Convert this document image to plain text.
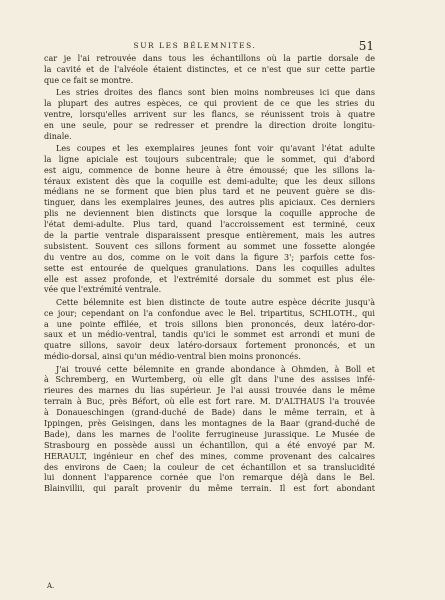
SUR LES BÉLEMNITES.	51
car je l'ai retrouvée dans tous les échantillons où la partie dorsale de
la cavité et de l'alvéole étaient distinctes, et ce n'est que sur cette partie
que ce fait se montre.
Les stries droites des flancs sont bien moins nombreuses ici que dans
la plupart des autres espèces, ce qui provient de ce que les stries du
ventre, lorsqu'elles arrivent sur les flancs, se réunissent trois à quatre
en une seule, pour se redresser et prendre la direction droite longitu-
dinale.
Les coupes et les exemplaires jeunes font voir qu'avant l'état adulte
la ligne apiciale est toujours subcentrale; que le sommet, qui d'abord
est aigu, commence de bonne heure à être émoussé; que les sillons la-
téraux existent dès que la coquille est demi-adulte; que les deux sillons
médians ne se forment que bien plus tard et ne peuvent guère se dis-
tinguer, dans les exemplaires jeunes, des autres plis apiciaux. Ces derniers
plis ne deviennent bien distincts que lorsque la coquille approche de
l'état demi-adulte. Plus tard, quand l'accroissement est terminé, ceux
de la partie ventrale disparaissent presque entièrement, mais les autres
subsistent. Souvent ces sillons forment au sommet une fossette alongée
du ventre au dos, comme on le voit dans la figure 3'; parfois cette fos-
sette est entourée de quelques granulations. Dans les coquilles adultes
elle est assez profonde, et l'extrémité dorsale du sommet est plus éle-
vée que l'extrémité ventrale.
Cette bélemnite est bien distincte de toute autre espèce décrite jusqu'à
ce jour; cependant on l'a confondue avec le Bel. tripartitus, SCHLOTH., qui
a une pointe effilée, et trois sillons bien prononcés, deux latéro-dor-
saux et un médio-ventral, tandis qu'ici le sommet est arrondi et muni de
quatre sillons, savoir deux latéro-dorsaux fortement prononcés, et un
médio-dorsal, ainsi qu'un médio-ventral bien moins prononcés.
J'ai trouvé cette bélemnite en grande abondance à Ohmden, à Boll et
à Schremberg, en Wurtemberg, où elle gît dans l'une des assises infé-
rieures des marnes du lias supérieur. Je l'ai aussi trouvée dans le même
terrain à Buc, près Béfort, où elle est fort rare. M. D'ALTHAUS l'a trouvée
à Donaueschingen (grand-duché de Bade) dans le même terrain, et à
Ippingen, près Geisingen, dans les montagnes de la Baar (grand-duché de
Bade), dans les marnes de l'oolite ferrugineuse jurassique. Le Musée de
Strasbourg en possède aussi un échantillon, qui a été envoyé par M.
HÉRAULT, ingénieur en chef des mines, comme provenant des calcaires
des environs de Caen; la couleur de cet échantillon et sa translucidité
lui donnent l'apparence cornée que l'on remarque déjà dans le Bel.
Blainvillii, qui paraît provenir du même terrain. Il est fort abondant
A.
